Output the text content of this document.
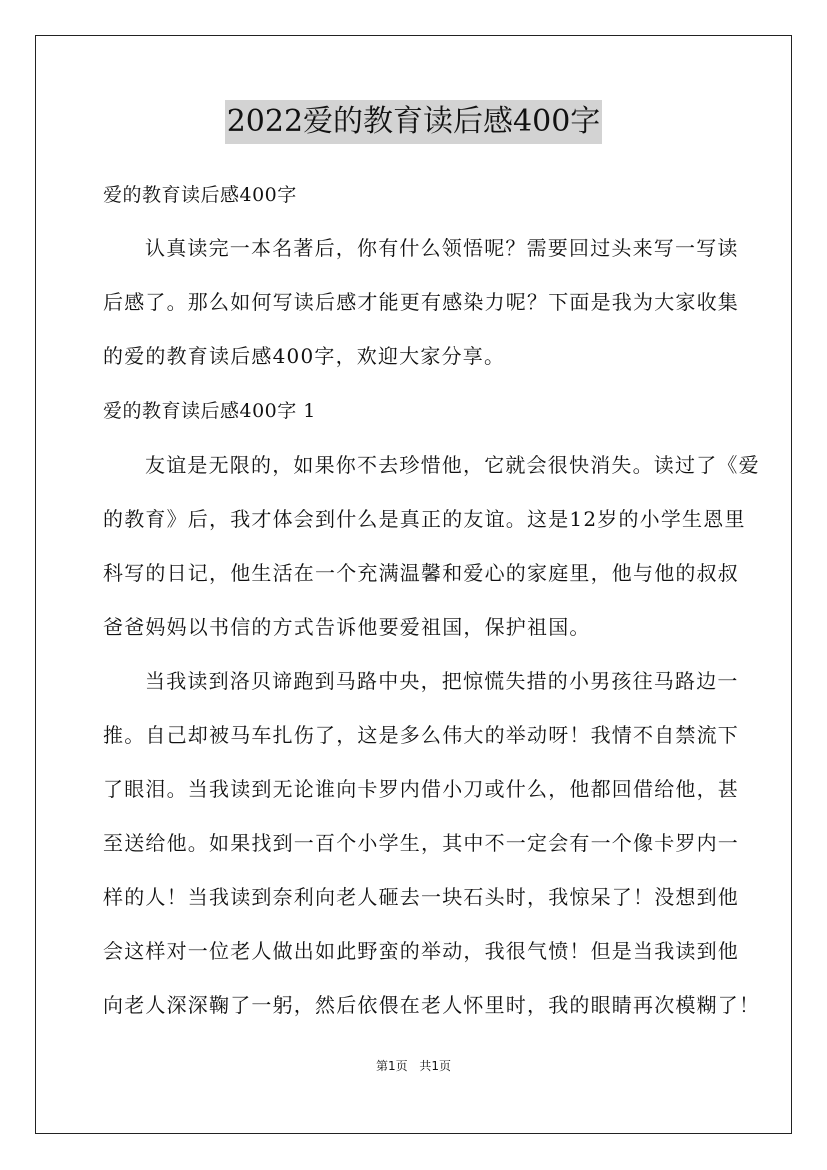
2022爱的教育读后感400字
爱的教育读后感400字
认真读完一本名著后，你有什么领悟呢？需要回过头来写一写读
后感了。那么如何写读后感才能更有感染力呢？下面是我为大家收集
的爱的教育读后感400字，欢迎大家分享。
爱的教育读后感400字 1
友谊是无限的，如果你不去珍惜他，它就会很快消失。读过了《爱
的教育》后，我才体会到什么是真正的友谊。这是12岁的小学生恩里
科写的日记，他生活在一个充满温馨和爱心的家庭里，他与他的叔叔
爸爸妈妈以书信的方式告诉他要爱祖国，保护祖国。
当我读到洛贝谛跑到马路中央，把惊慌失措的小男孩往马路边一
推。自己却被马车扎伤了，这是多么伟大的举动呀！我情不自禁流下
了眼泪。当我读到无论谁向卡罗内借小刀或什么，他都回借给他，甚
至送给他。如果找到一百个小学生，其中不一定会有一个像卡罗内一
样的人！当我读到奈利向老人砸去一块石头时，我惊呆了！没想到他
会这样对一位老人做出如此野蛮的举动，我很气愤！但是当我读到他
向老人深深鞠了一躬，然后依偎在老人怀里时，我的眼睛再次模糊了！
第1页 共1页
